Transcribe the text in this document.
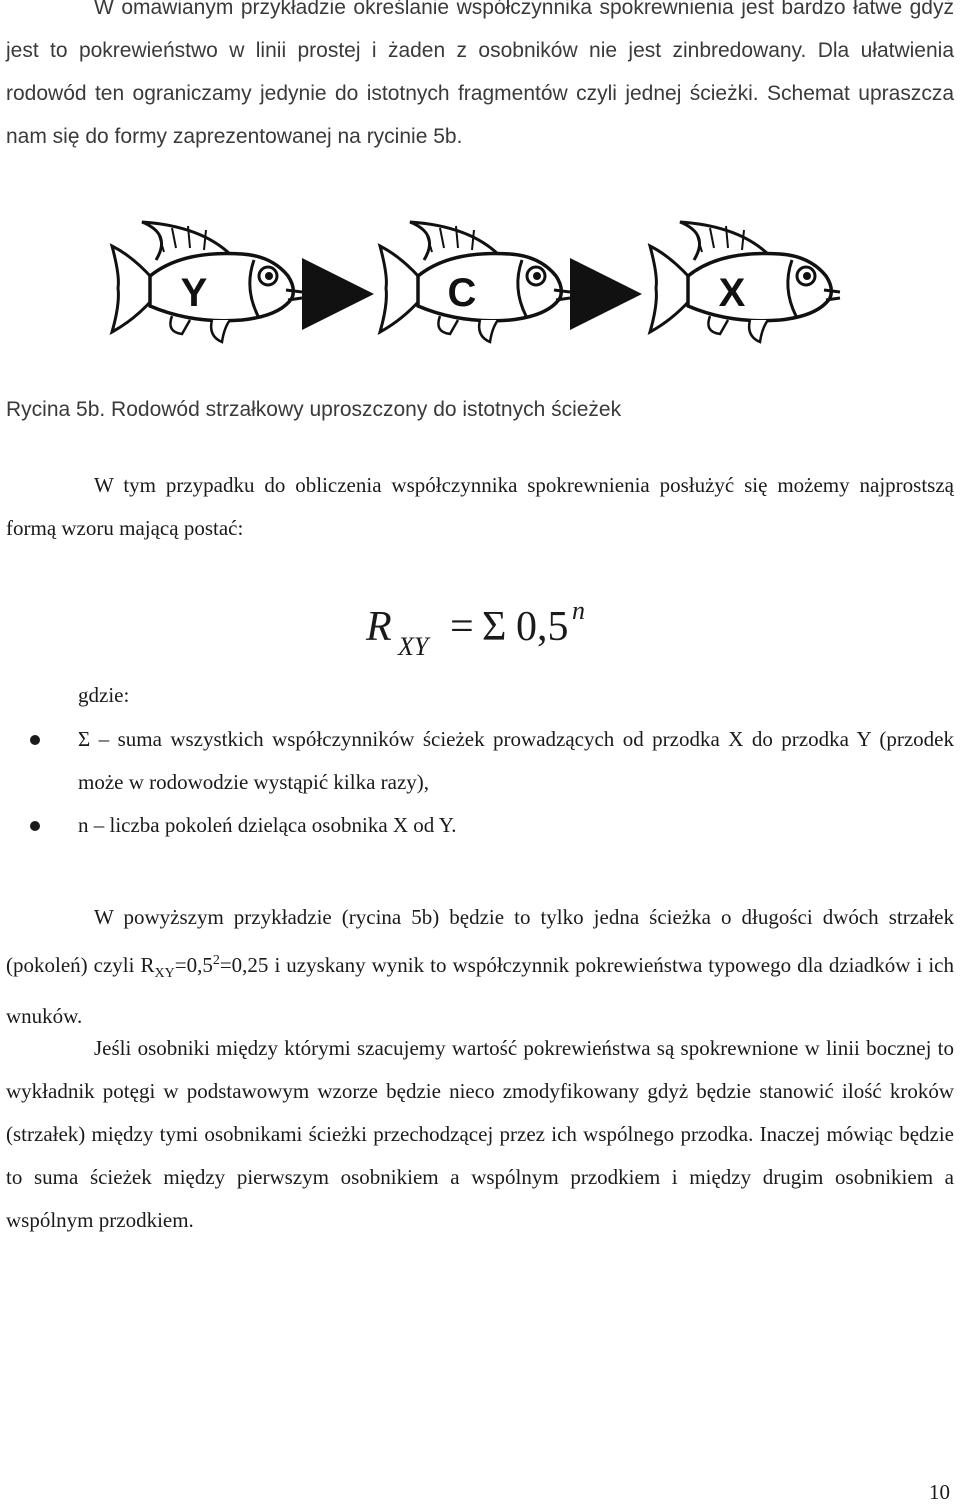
W omawianym przykładzie określanie współczynnika spokrewnienia jest bardzo łatwe gdyż jest to pokrewieństwo w linii prostej i żaden z osobników nie jest zinbredowany. Dla ułatwienia rodowód ten ograniczamy jedynie do istotnych fragmentów czyli jednej ścieżki. Schemat upraszcza nam się do formy zaprezentowanej na rycinie 5b.

Y	C	X
Rycina 5b. Rodowód strzałkowy uproszczony do istotnych ścieżek

W tym przypadku do obliczenia współczynnika spokrewnienia posłużyć się możemy najprostszą formą wzoru mającą postać:

R XY = Σ 0,5 n
gdzie:
Σ – suma wszystkich współczynników ścieżek prowadzących od przodka X do przodka Y (przodek może w rodowodzie wystąpić kilka razy),
n – liczba pokoleń dzieląca osobnika X od Y.

W powyższym przykładzie (rycina 5b) będzie to tylko jedna ścieżka o długości dwóch strzałek (pokoleń) czyli $R_{XY}=0,5^2=0,25$ i uzyskany wynik to współczynnik pokrewieństwa typowego dla dziadków i ich wnuków.

Jeśli osobniki między którymi szacujemy wartość pokrewieństwa są spokrewnione w linii bocznej to wykładnik potęgi w podstawowym wzorze będzie nieco zmodyfikowany gdyż będzie stanowić ilość kroków (strzałek) między tymi osobnikami ścieżki przechodzącej przez ich wspólnego przodka. Inaczej mówiąc będzie to suma ścieżek między pierwszym osobnikiem a wspólnym przodkiem i między drugim osobnikiem a wspólnym przodkiem.

10
